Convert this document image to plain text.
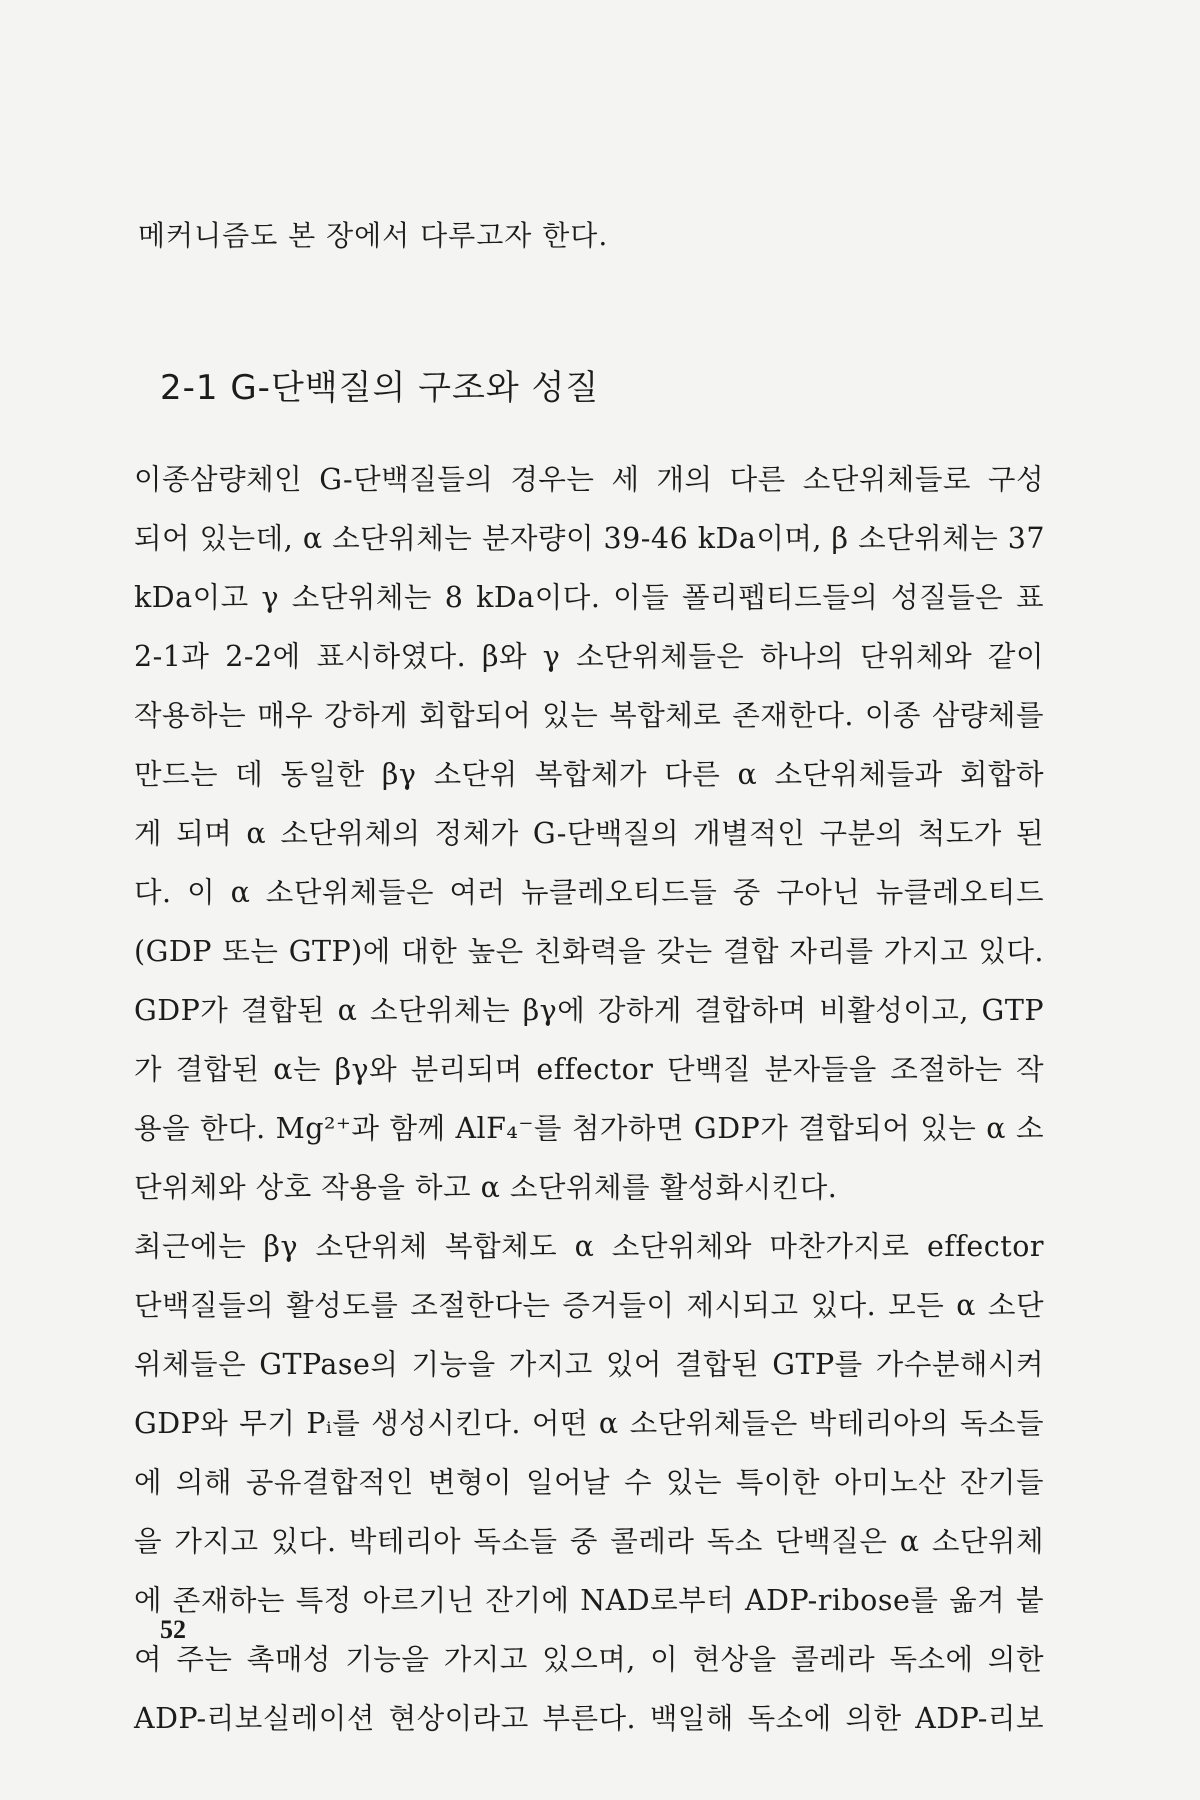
메커니즘도 본 장에서 다루고자 한다.
2-1 G-단백질의 구조와 성질
이종삼량체인 G-단백질들의 경우는 세 개의 다른 소단위체들로 구성
되어 있는데, α 소단위체는 분자량이 39-46 kDa이며, β 소단위체는 37
kDa이고 γ 소단위체는 8 kDa이다. 이들 폴리펩티드들의 성질들은 표
2-1과 2-2에 표시하였다. β와 γ 소단위체들은 하나의 단위체와 같이
작용하는 매우 강하게 회합되어 있는 복합체로 존재한다. 이종 삼량체를
만드는 데 동일한 βγ 소단위 복합체가 다른 α 소단위체들과 회합하
게 되며 α 소단위체의 정체가 G-단백질의 개별적인 구분의 척도가 된
다. 이 α 소단위체들은 여러 뉴클레오티드들 중 구아닌 뉴클레오티드
(GDP 또는 GTP)에 대한 높은 친화력을 갖는 결합 자리를 가지고 있다.
GDP가 결합된 α 소단위체는 βγ에 강하게 결합하며 비활성이고, GTP
가 결합된 α는 βγ와 분리되며 effector 단백질 분자들을 조절하는 작
용을 한다. Mg²⁺과 함께 AlF₄⁻를 첨가하면 GDP가 결합되어 있는 α 소
단위체와 상호 작용을 하고 α 소단위체를 활성화시킨다.
최근에는 βγ 소단위체 복합체도 α 소단위체와 마찬가지로 effector
단백질들의 활성도를 조절한다는 증거들이 제시되고 있다. 모든 α 소단
위체들은 GTPase의 기능을 가지고 있어 결합된 GTP를 가수분해시켜
GDP와 무기 Pᵢ를 생성시킨다. 어떤 α 소단위체들은 박테리아의 독소들
에 의해 공유결합적인 변형이 일어날 수 있는 특이한 아미노산 잔기들
을 가지고 있다. 박테리아 독소들 중 콜레라 독소 단백질은 α 소단위체
에 존재하는 특정 아르기닌 잔기에 NAD로부터 ADP-ribose를 옮겨 붙
여 주는 촉매성 기능을 가지고 있으며, 이 현상을 콜레라 독소에 의한
ADP-리보실레이션 현상이라고 부른다. 백일해 독소에 의한 ADP-리보
52
